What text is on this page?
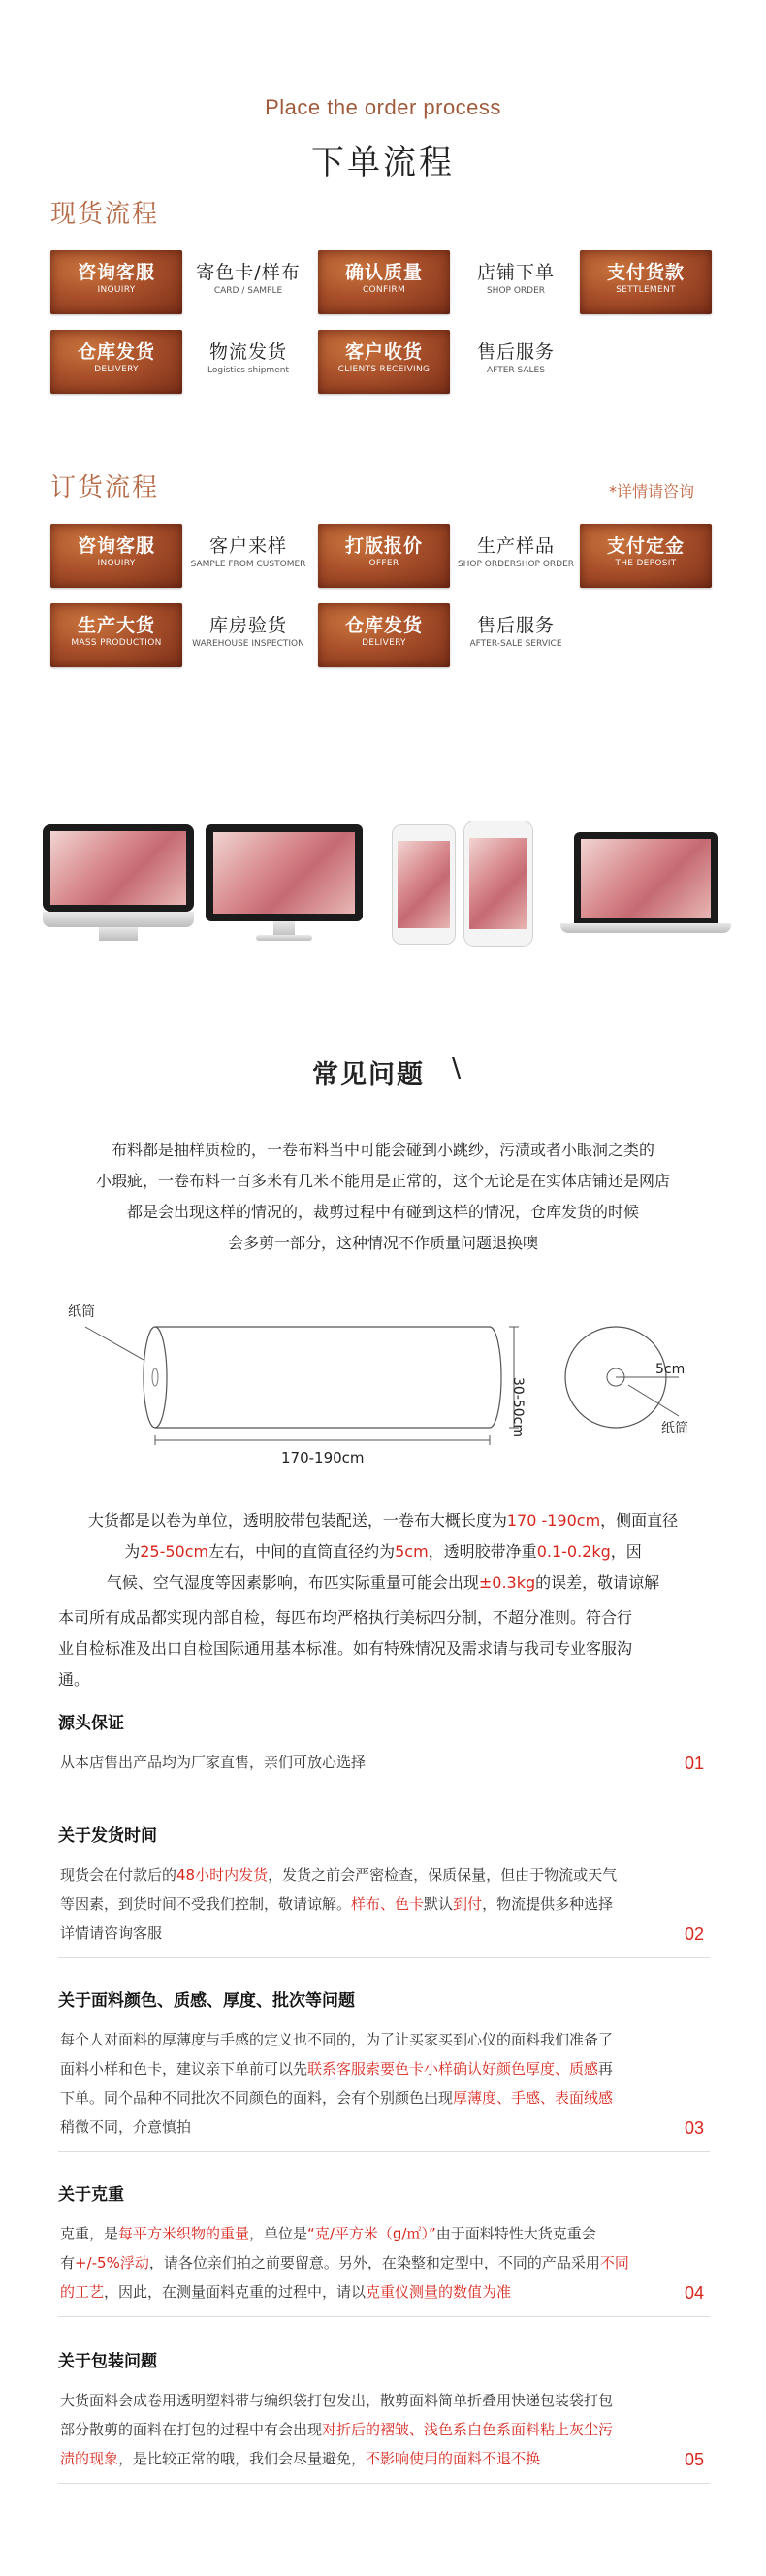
Place the order process
下单流程
现货流程
咨询客服
INQUIRY
寄色卡/样布
CARD / SAMPLE
确认质量
CONFIRM
店铺下单
SHOP ORDER
支付货款
SETTLEMENT
仓库发货
DELIVERY
物流发货
Logistics shipment
客户收货
CLIENTS RECEIVING
售后服务
AFTER SALES
订货流程	*详情请咨询
咨询客服
INQUIRY
客户来样
SAMPLE FROM CUSTOMER
打版报价
OFFER
生产样品
SHOP ORDERSHOP ORDER
支付定金
THE DEPOSIT
生产大货
MASS PRODUCTION
库房验货
WAREHOUSE INSPECTION
仓库发货
DELIVERY
售后服务
AFTER-SALE SERVICE
常见问题 \
布料都是抽样质检的，一卷布料当中可能会碰到小跳纱，污渍或者小眼洞之类的
小瑕疵，一卷布料一百多米有几米不能用是正常的，这个无论是在实体店铺还是网店
都是会出现这样的情况的，裁剪过程中有碰到这样的情况，仓库发货的时候
会多剪一部分，这种情况不作质量问题退换噢
纸筒
170-190cm
30-50cm
5cm
纸筒
大货都是以卷为单位，透明胶带包装配送，一卷布大概长度为170 -190cm，侧面直径
为25-50cm左右，中间的直筒直径约为5cm，透明胶带净重0.1-0.2kg，因
气候、空气湿度等因素影响，布匹实际重量可能会出现±0.3kg的误差，敬请谅解
本司所有成品都实现内部自检，每匹布均严格执行美标四分制，不超分准则。符合行
业自检标准及出口自检国际通用基本标准。如有特殊情况及需求请与我司专业客服沟
通。
源头保证
从本店售出产品均为厂家直售，亲们可放心选择	01
关于发货时间
现货会在付款后的48小时内发货，发货之前会严密检查，保质保量，但由于物流或天气
等因素，到货时间不受我们控制，敬请谅解。样布、色卡默认到付，物流提供多种选择
详情请咨询客服	02
关于面料颜色、质感、厚度、批次等问题
每个人对面料的厚薄度与手感的定义也不同的，为了让买家买到心仪的面料我们准备了
面料小样和色卡，建议亲下单前可以先联系客服索要色卡小样确认好颜色厚度、质感再
下单。同个品种不同批次不同颜色的面料，会有个别颜色出现厚薄度、手感、表面绒感
稍微不同，介意慎拍	03
关于克重
克重，是每平方米织物的重量，单位是“克/平方米（g/㎡）”由于面料特性大货克重会
有+/-5%浮动，请各位亲们拍之前要留意。另外，在染整和定型中，不同的产品采用不同
的工艺，因此，在测量面料克重的过程中，请以克重仪测量的数值为准	04
关于包装问题
大货面料会成卷用透明塑料带与编织袋打包发出，散剪面料简单折叠用快递包装袋打包
部分散剪的面料在打包的过程中有会出现对折后的褶皱、浅色系白色系面料粘上灰尘污
渍的现象，是比较正常的哦，我们会尽量避免，不影响使用的面料不退不换	05
